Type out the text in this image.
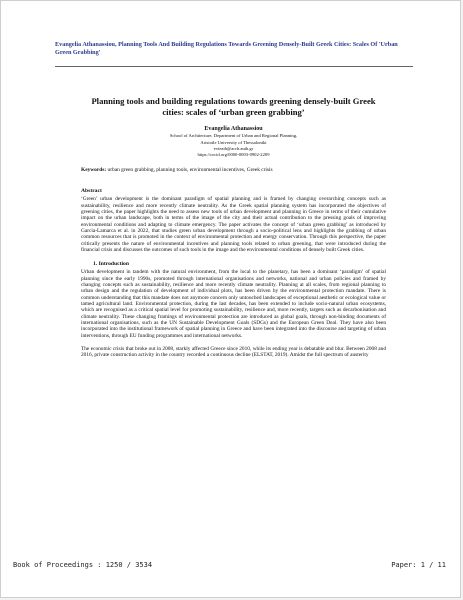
Evangelia Athanassiou, Planning Tools And Building Regulations Towards Greening Densely-Built Greek Cities: Scales Of 'Urban Green Grabbing'
Planning tools and building regulations towards greening densely-built Greek cities: scales of ‘urban green grabbing’
Evangelia Athanassiou
School of Architecture, Department of Urban and Regional Planning,
Aristotle University of Thessaloniki
evieath@arch.auth.gr
https://orcid.org/0000-0003-0902-2209
Keywords: urban green grabbing, planning tools, environmental incentives, Greek crisis
Abstract

‘Green’ urban development is the dominant paradigm of spatial planning and is framed by changing overarching concepts such as sustainability, resilience and more recently climate neutrality. As the Greek spatial planning system has incorporated the objectives of greening cities, the paper highlights the need to assess new tools of urban development and planning in Greece in terms of their cumulative impact on the urban landscape, both in terms of the image of the city and their actual contribution to the pressing goals of improving environmental conditions and adapting to climate emergency. The paper activates the concept of ‘urban green grabbing’ as introduced by Garcia-Lamarca et al. in 2022, that studies green urban development through a socio-political lens and highlights the grabbing of urban common resources that is promoted in the context of environmental protection and energy conservation. Through this perspective, the paper critically presents the nature of environmental incentives and planning tools related to urban greening, that were introduced during the financial crisis and discusses the outcomes of such tools in the image and the environmental conditions of densely built Greek cities.

1. Introduction

Urban development in tandem with the natural environment, from the local to the planetary, has been a dominant ‘paradigm’ of spatial planning since the early 1990s, promoted through international organisations and networks, national and urban policies and framed by changing concepts such as sustainability, resilience and more recently climate neutrality. Planning at all scales, from regional planning to urban design and the regulation of development of individual plots, has been driven by the environmental protection mandate. There is common understanding that this mandate does not anymore concern only untouched landscapes of exceptional aesthetic or ecological value or tamed agricultural land. Environmental protection, during the last decades, has been extended to include socio-natural urban ecosystems, which are recognised as a critical spatial level for promoting sustainability, resilience and, more recently, targets such as decarbonisation and climate neutrality. These changing framings of environmental protection are introduced as global goals, through non-binding documents of international organisations, such as the UN Sustainable Development Goals (SDGs) and the European Green Deal. They have also been incorporated into the institutional framework of spatial planning in Greece and have been integrated into the discourse and targeting of urban interventions, through EU funding programmes and international networks.

The economic crisis that broke out in 2008, starkly affected Greece since 2010, while its ending year is debatable and blur. Between 2008 and 2016, private construction activity in the country recorded a continuous decline (ELSTAT, 2019). Amidst the full spectrum of austerity

Book of Proceedings : 1250 / 3534	Paper: 1 / 11
